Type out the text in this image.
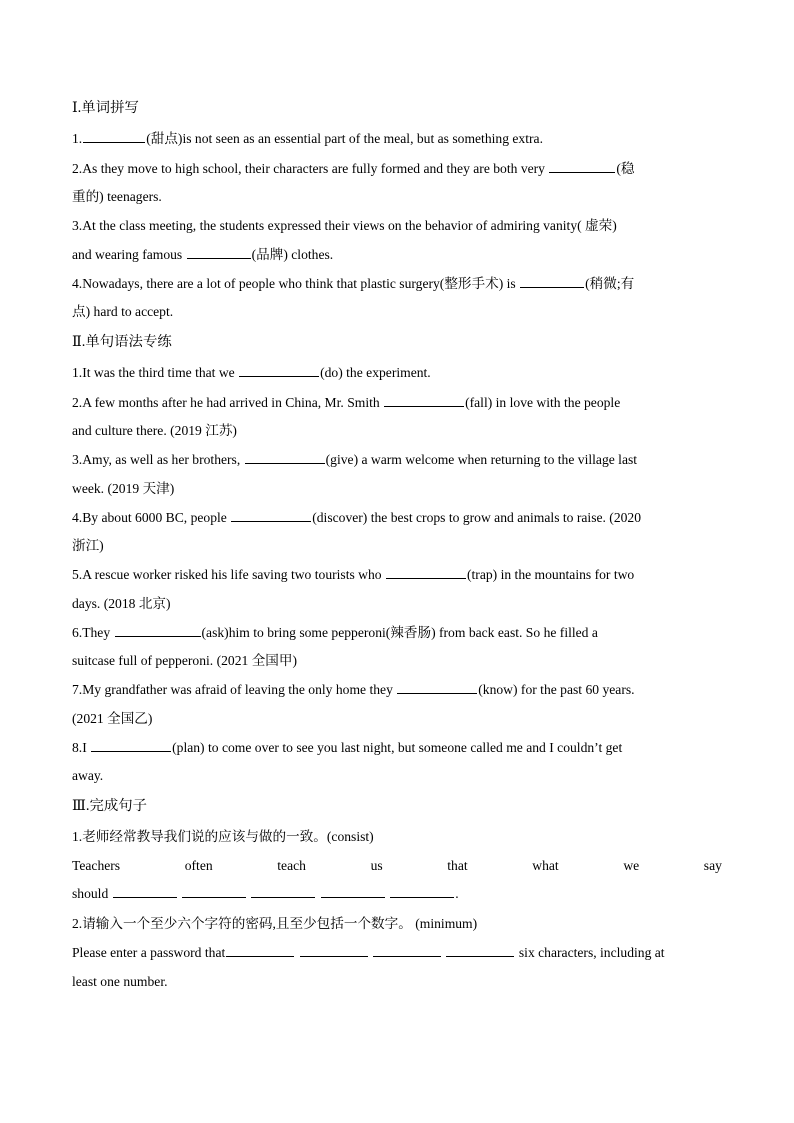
Ⅰ.单词拼写
1.	(甜点)is not seen as an essential part of the meal, but as something extra.
2.As they move to high school, their characters are fully formed and they are both very	(稳
重的) teenagers.
3.At the class meeting, the students expressed their views on the behavior of admiring vanity( 虚荣)
and wearing famous	(品牌) clothes.
4.Nowadays, there are a lot of people who think that plastic surgery(整形手术) is	(稍微;有
点) hard to accept.
Ⅱ.单句语法专练
1.It was the third time that we	(do) the experiment.
2.A few months after he had arrived in China, Mr. Smith	(fall) in love with the people
and culture there. (2019 江苏)
3.Amy, as well as her brothers,	(give) a warm welcome when returning to the village last
week. (2019 天津)
4.By about 6000 BC, people	(discover) the best crops to grow and animals to raise. (2020
浙江)
5.A rescue worker risked his life saving two tourists who	(trap) in the mountains for two
days. (2018 北京)
6.They	(ask)him to bring some pepperoni(辣香肠) from back east. So he filled a
suitcase full of pepperoni. (2021 全国甲)
7.My grandfather was afraid of leaving the only home they	(know) for the past 60 years.
(2021 全国乙)
8.I	(plan) to come over to see you last night, but someone called me and I couldn’t get
away.
Ⅲ.完成句子
1.老师经常教导我们说的应该与做的一致。(consist)
Teachers	often	teach	us	that	what	we	say
should	.
2.请输入一个至少六个字符的密码,且至少包括一个数字。 (minimum)
Please enter a password that	six characters, including at
least one number.
